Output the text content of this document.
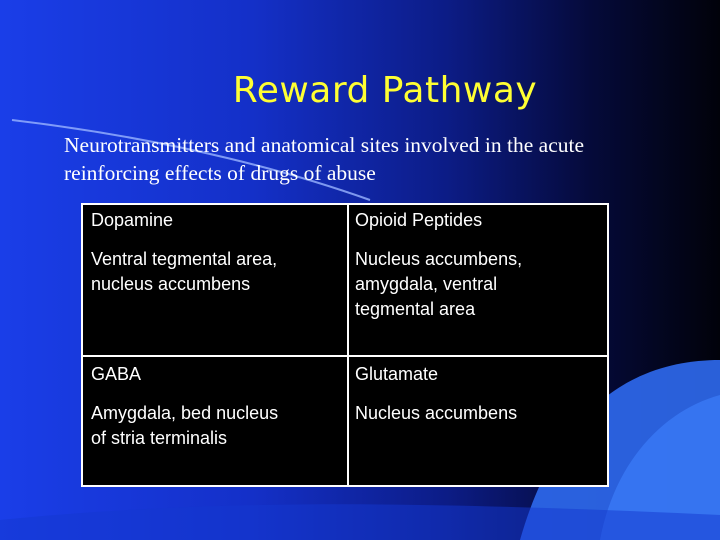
Reward Pathway
Neurotransmitters and anatomical sites involved in the acute
reinforcing effects of drugs of abuse
Dopamine
Ventral tegmental area,
nucleus accumbens
Opioid Peptides
Nucleus accumbens,
amygdala, ventral
tegmental area
GABA
Amygdala, bed nucleus
of stria terminalis
Glutamate
Nucleus accumbens
